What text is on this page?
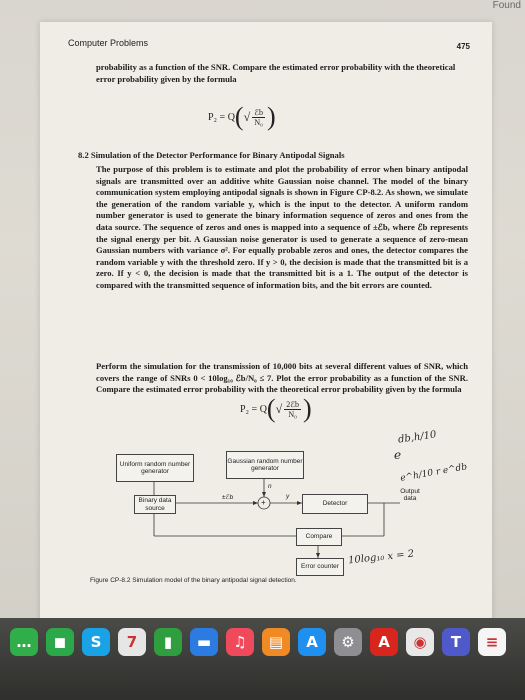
Found
Computer Problems	475

probability as a function of the SNR. Compare the estimated error probability with the theoretical error probability given by the formula

P₂ = Q ( √ $\frac{\text{ℰb}}{\text{N₀}}$ )

8.2 Simulation of the Detector Performance for Binary Antipodal Signals

The purpose of this problem is to estimate and plot the probability of error when binary antipodal signals are transmitted over an additive white Gaussian noise channel. The model of the binary communication system employing antipodal signals is shown in Figure CP-8.2. As shown, we simulate the generation of the random variable y, which is the input to the detector. A uniform random number generator is used to generate the binary information sequence of zeros and ones from the data source. The sequence of zeros and ones is mapped into a sequence of ±ℰb, where ℰb represents the signal energy per bit. A Gaussian noise generator is used to generate a sequence of zero-mean Gaussian numbers with variance σ². For equally probable zeros and ones, the detector compares the random variable y with the threshold zero. If y > 0, the decision is made that the transmitted bit is a zero. If y < 0, the decision is made that the transmitted bit is a 1. The output of the detector is compared with the transmitted sequence of information bits, and the bit errors are counted.

Perform the simulation for the transmission of 10,000 bits at several different values of SNR, which covers the range of SNRs 0 < 10log₁₀ ℰb/N₀ ≤ 7. Plot the error probability as a function of the SNR. Compare the estimated error probability with the theoretical error probability given by the formula

P₂ = Q ( √ $\frac{\text{2ℰb}}{\text{N₀}}$ )
Uniform random number generator
Gaussian random number generator
Binary data source
Detector
Compare
Error counter
Output data
±ℰb
n
y
+
Figure CP-8.2 Simulation model of the binary antipodal signal detection.
db,h/10
e
e^h/10 r e^db
10log₁₀ x = 2
…	◼	S	7	▮	▬	♫	▤	A	⚙	A	◉	T	≡
